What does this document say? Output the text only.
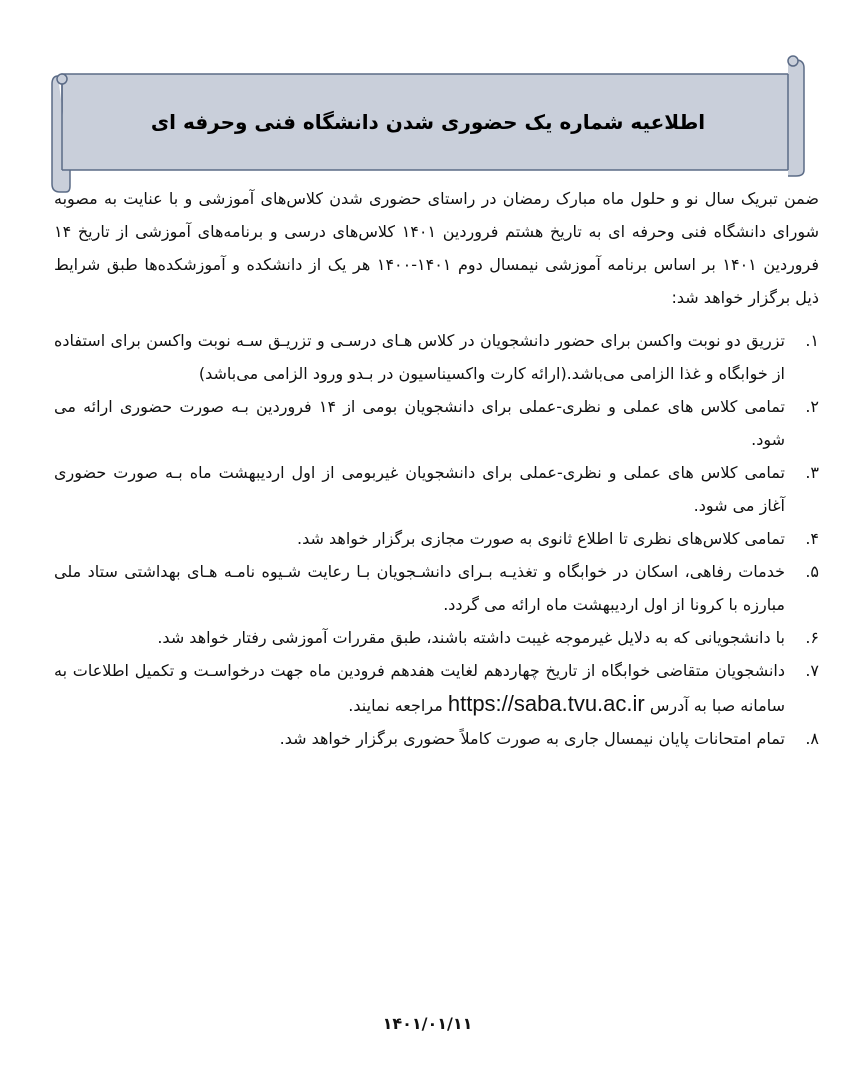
اطلاعیه شماره یک حضوری شدن دانشگاه فنی وحرفه ای

ضمن تبریک سال نو و حلول ماه مبارک رمضان در راستای حضوری شدن کلاس‌های آموزشی و با عنایت به مصوبه شورای دانشگاه فنی وحرفه ای به تاریخ هشتم فروردین ۱۴۰۱ کلاس‌های درسی و برنامه‌های آموزشی از تاریخ ۱۴ فروردین ۱۴۰۱ بر اساس برنامه آموزشی نیمسال دوم ۱۴۰۱-۱۴۰۰ هر یک از دانشکده و آموزشکده‌ها طبق شرایط ذیل برگزار خواهد شد:

۱.
تزریق دو نوبت واکسن برای حضور دانشجویان در کلاس هـای درسـی و تزریـق سـه نوبت واکسن برای استفاده از خوابگاه و غذا الزامی می‌باشد.(ارائه کارت واکسیناسیون در بـدو ورود الزامی می‌باشد)
۲.
تمامی کلاس های عملی و نظری-عملی برای دانشجویان بومی از ۱۴ فروردین بـه صورت حضوری ارائه می شود.
۳.
تمامی کلاس های عملی و نظری-عملی برای دانشجویان غیربومی از اول اردیبهشت ماه بـه صورت حضوری آغاز می شود.
۴.
تمامی کلاس‌های نظری تا اطلاع ثانوی به صورت مجازی برگزار خواهد شد.
۵.
خدمات رفاهی، اسکان در خوابگاه و تغذیـه بـرای دانشـجویان بـا رعایت شـیوه نامـه هـای بهداشتی ستاد ملی مبارزه با کرونا از اول اردیبهشت ماه ارائه می گردد.
۶.
با دانشجویانی که به دلایل غیرموجه غیبت داشته باشند، طبق مقررات آموزشی رفتار خواهد شد.
۷.
دانشجویان متقاضی خوابگاه از تاریخ چهاردهم لغایت هفدهم فرودین ماه جهت درخواسـت و تکمیل اطلاعات به سامانه صبا به آدرس https://saba.tvu.ac.ir مراجعه نمایند.
۸.
تمام امتحانات پایان نیمسال جاری به صورت کاملاً حضوری برگزار خواهد شد.
۱۴۰۱/۰۱/۱۱
